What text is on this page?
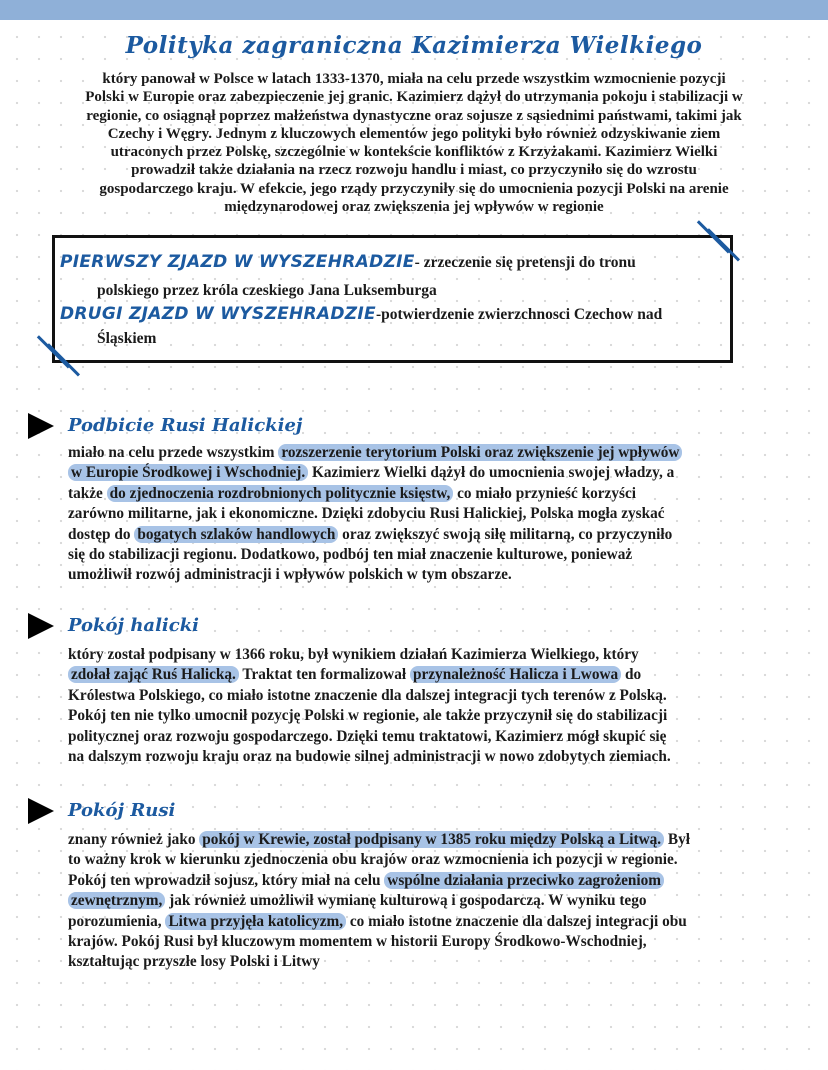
Polityka zagraniczna Kazimierza Wielkiego
który panował w Polsce w latach 1333-1370, miała na celu przede wszystkim wzmocnienie pozycji
Polski w Europie oraz zabezpieczenie jej granic. Kazimierz dążył do utrzymania pokoju i stabilizacji w
regionie, co osiągnął poprzez małżeństwa dynastyczne oraz sojusze z sąsiednimi państwami, takimi jak
Czechy i Węgry. Jednym z kluczowych elementów jego polityki było również odzyskiwanie ziem
utraconych przez Polskę, szczególnie w kontekście konfliktów z Krzyżakami. Kazimierz Wielki
prowadził także działania na rzecz rozwoju handlu i miast, co przyczyniło się do wzrostu
gospodarczego kraju. W efekcie, jego rządy przyczyniły się do umocnienia pozycji Polski na arenie
międzynarodowej oraz zwiększenia jej wpływów w regionie
PIERWSZY ZJAZD W WYSZEHRADZIE- zrzeczenie się pretensji do tronu
polskiego przez króla czeskiego Jana Luksemburga
DRUGI ZJAZD W WYSZEHRADZIE-potwierdzenie zwierzchnosci Czechow nad
Śląskiem
Podbicie Rusi Halickiej
miało na celu przede wszystkim rozszerzenie terytorium Polski oraz zwiększenie jej wpływów
w Europie Środkowej i Wschodniej. Kazimierz Wielki dążył do umocnienia swojej władzy, a
także do zjednoczenia rozdrobnionych politycznie księstw, co miało przynieść korzyści
zarówno militarne, jak i ekonomiczne. Dzięki zdobyciu Rusi Halickiej, Polska mogła zyskać
dostęp do bogatych szlaków handlowych oraz zwiększyć swoją siłę militarną, co przyczyniło
się do stabilizacji regionu. Dodatkowo, podbój ten miał znaczenie kulturowe, ponieważ
umożliwił rozwój administracji i wpływów polskich w tym obszarze.
Pokój halicki
który został podpisany w 1366 roku, był wynikiem działań Kazimierza Wielkiego, który
zdołał zająć Ruś Halicką. Traktat ten formalizował przynależność Halicza i Lwowa do
Królestwa Polskiego, co miało istotne znaczenie dla dalszej integracji tych terenów z Polską.
Pokój ten nie tylko umocnił pozycję Polski w regionie, ale także przyczynił się do stabilizacji
politycznej oraz rozwoju gospodarczego. Dzięki temu traktatowi, Kazimierz mógł skupić się
na dalszym rozwoju kraju oraz na budowie silnej administracji w nowo zdobytych ziemiach.
Pokój Rusi
znany również jako pokój w Krewie, został podpisany w 1385 roku między Polską a Litwą. Był
to ważny krok w kierunku zjednoczenia obu krajów oraz wzmocnienia ich pozycji w regionie.
Pokój ten wprowadził sojusz, który miał na celu wspólne działania przeciwko zagrożeniom
zewnętrznym, jak również umożliwił wymianę kulturową i gospodarczą. W wyniku tego
porozumienia, Litwa przyjęła katolicyzm, co miało istotne znaczenie dla dalszej integracji obu
krajów. Pokój Rusi był kluczowym momentem w historii Europy Środkowo-Wschodniej,
kształtując przyszłe losy Polski i Litwy
